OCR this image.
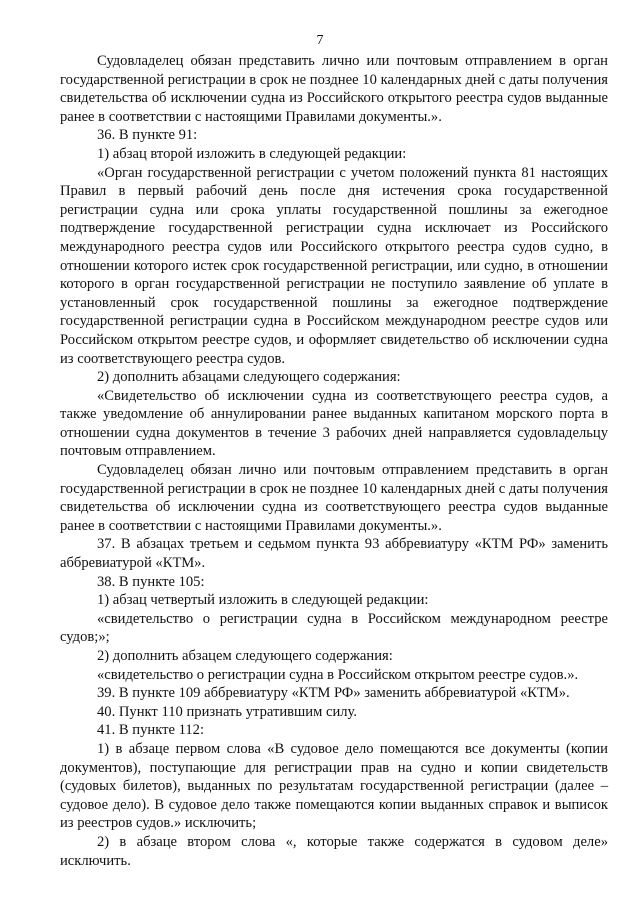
7

Судовладелец обязан представить лично или почтовым отправлением в орган государственной регистрации в срок не позднее 10 календарных дней с даты получения свидетельства об исключении судна из Российского открытого реестра судов выданные ранее в соответствии с настоящими Правилами документы.».

36. В пункте 91:

1) абзац второй изложить в следующей редакции:

«Орган государственной регистрации с учетом положений пункта 81 настоящих Правил в первый рабочий день после дня истечения срока государственной регистрации судна или срока уплаты государственной пошлины за ежегодное подтверждение государственной регистрации судна исключает из Российского международного реестра судов или Российского открытого реестра судов судно, в отношении которого истек срок государственной регистрации, или судно, в отношении которого в орган государственной регистрации не поступило заявление об уплате в установленный срок государственной пошлины за ежегодное подтверждение государственной регистрации судна в Российском международном реестре судов или Российском открытом реестре судов, и оформляет свидетельство об исключении судна из соответствующего реестра судов.

2) дополнить абзацами следующего содержания:

«Свидетельство об исключении судна из соответствующего реестра судов, а также уведомление об аннулировании ранее выданных капитаном морского порта в отношении судна документов в течение 3 рабочих дней направляется судовладельцу почтовым отправлением.

Судовладелец обязан лично или почтовым отправлением представить в орган государственной регистрации в срок не позднее 10 календарных дней с даты получения свидетельства об исключении судна из соответствующего реестра судов выданные ранее в соответствии с настоящими Правилами документы.».

37. В абзацах третьем и седьмом пункта 93 аббревиатуру «КТМ РФ» заменить аббревиатурой «КТМ».

38. В пункте 105:

1) абзац четвертый изложить в следующей редакции:

«свидетельство о регистрации судна в Российском международном реестре судов;»;

2) дополнить абзацем следующего содержания:

«свидетельство о регистрации судна в Российском открытом реестре судов.».

39. В пункте 109 аббревиатуру «КТМ РФ» заменить аббревиатурой «КТМ».

40. Пункт 110 признать утратившим силу.

41. В пункте 112:

1) в абзаце первом слова «В судовое дело помещаются все документы (копии документов), поступающие для регистрации прав на судно и копии свидетельств (судовых билетов), выданных по результатам государственной регистрации (далее – судовое дело). В судовое дело также помещаются копии выданных справок и выписок из реестров судов.» исключить;

2) в абзаце втором слова «, которые также содержатся в судовом деле» исключить.
